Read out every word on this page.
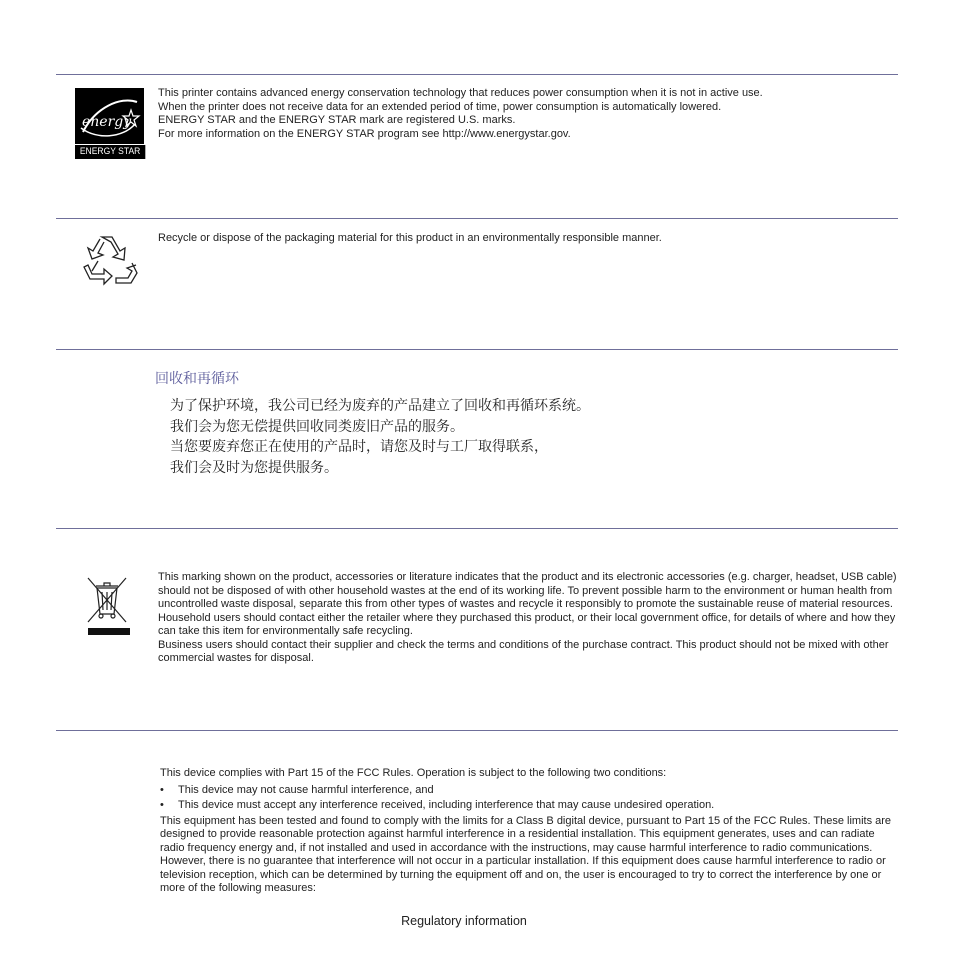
energy
ENERGY STAR
This printer contains advanced energy conservation technology that reduces power consumption when it is not in active use.
When the printer does not receive data for an extended period of time, power consumption is automatically lowered.
ENERGY STAR and the ENERGY STAR mark are registered U.S. marks.
For more information on the ENERGY STAR program see http://www.energystar.gov.
Recycle or dispose of the packaging material for this product in an environmentally responsible manner.
回收和再循环
为了保护环境，我公司已经为废弃的产品建立了回收和再循环系统。
我们会为您无偿提供回收同类废旧产品的服务。
当您要废弃您正在使用的产品时，请您及时与工厂取得联系，
我们会及时为您提供服务。
This marking shown on the product, accessories or literature indicates that the product and its electronic accessories (e.g. charger, headset, USB cable) should not be disposed of with other household wastes at the end of its working life. To prevent possible harm to the environment or human health from uncontrolled waste disposal, separate this from other types of wastes and recycle it responsibly to promote the sustainable reuse of material resources.
Household users should contact either the retailer where they purchased this product, or their local government office, for details of where and how they can take this item for environmentally safe recycling.
Business users should contact their supplier and check the terms and conditions of the purchase contract. This product should not be mixed with other commercial wastes for disposal.
This device complies with Part 15 of the FCC Rules. Operation is subject to the following two conditions:
• This device may not cause harmful interference, and
• This device must accept any interference received, including interference that may cause undesired operation.
This equipment has been tested and found to comply with the limits for a Class B digital device, pursuant to Part 15 of the FCC Rules. These limits are designed to provide reasonable protection against harmful interference in a residential installation. This equipment generates, uses and can radiate radio frequency energy and, if not installed and used in accordance with the instructions, may cause harmful interference to radio communications. However, there is no guarantee that interference will not occur in a particular installation. If this equipment does cause harmful interference to radio or television reception, which can be determined by turning the equipment off and on, the user is encouraged to try to correct the interference by one or more of the following measures:
Regulatory information
